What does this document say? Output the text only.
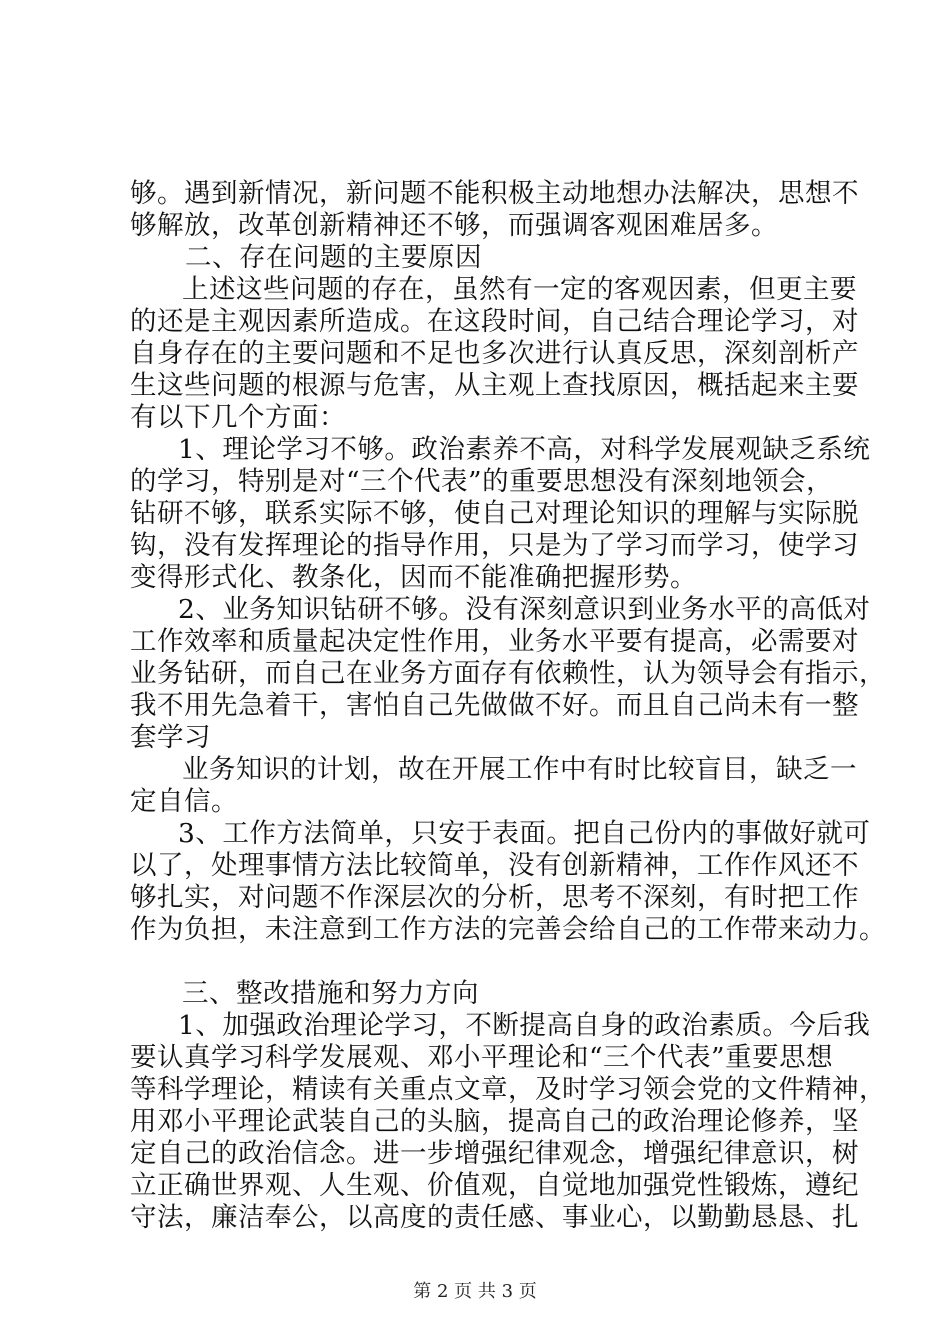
够。遇到新情况，新问题不能积极主动地想办法解决，思想不
够解放，改革创新精神还不够，而强调客观困难居多。
二、存在问题的主要原因
上述这些问题的存在，虽然有一定的客观因素，但更主要
的还是主观因素所造成。在这段时间，自己结合理论学习，对
自身存在的主要问题和不足也多次进行认真反思，深刻剖析产
生这些问题的根源与危害，从主观上查找原因，概括起来主要
有以下几个方面：
1、理论学习不够。政治素养不高，对科学发展观缺乏系统
的学习，特别是对“三个代表”的重要思想没有深刻地领会，
钻研不够，联系实际不够，使自己对理论知识的理解与实际脱
钩，没有发挥理论的指导作用，只是为了学习而学习，使学习
变得形式化、教条化，因而不能准确把握形势。
2、业务知识钻研不够。没有深刻意识到业务水平的高低对
工作效率和质量起决定性作用，业务水平要有提高，必需要对
业务钻研，而自己在业务方面存有依赖性，认为领导会有指示，
我不用先急着干，害怕自己先做做不好。而且自己尚未有一整
套学习
业务知识的计划，故在开展工作中有时比较盲目，缺乏一
定自信。
3、工作方法简单，只安于表面。把自己份内的事做好就可
以了，处理事情方法比较简单，没有创新精神，工作作风还不
够扎实，对问题不作深层次的分析，思考不深刻，有时把工作
作为负担，未注意到工作方法的完善会给自己的工作带来动力。
三、整改措施和努力方向
1、加强政治理论学习，不断提高自身的政治素质。今后我
要认真学习科学发展观、邓小平理论和“三个代表”重要思想
等科学理论，精读有关重点文章，及时学习领会党的文件精神，
用邓小平理论武装自己的头脑，提高自己的政治理论修养，坚
定自己的政治信念。进一步增强纪律观念，增强纪律意识，树
立正确世界观、人生观、价值观，自觉地加强党性锻炼，遵纪
守法，廉洁奉公，以高度的责任感、事业心，以勤勤恳恳、扎
第 2 页 共 3 页
